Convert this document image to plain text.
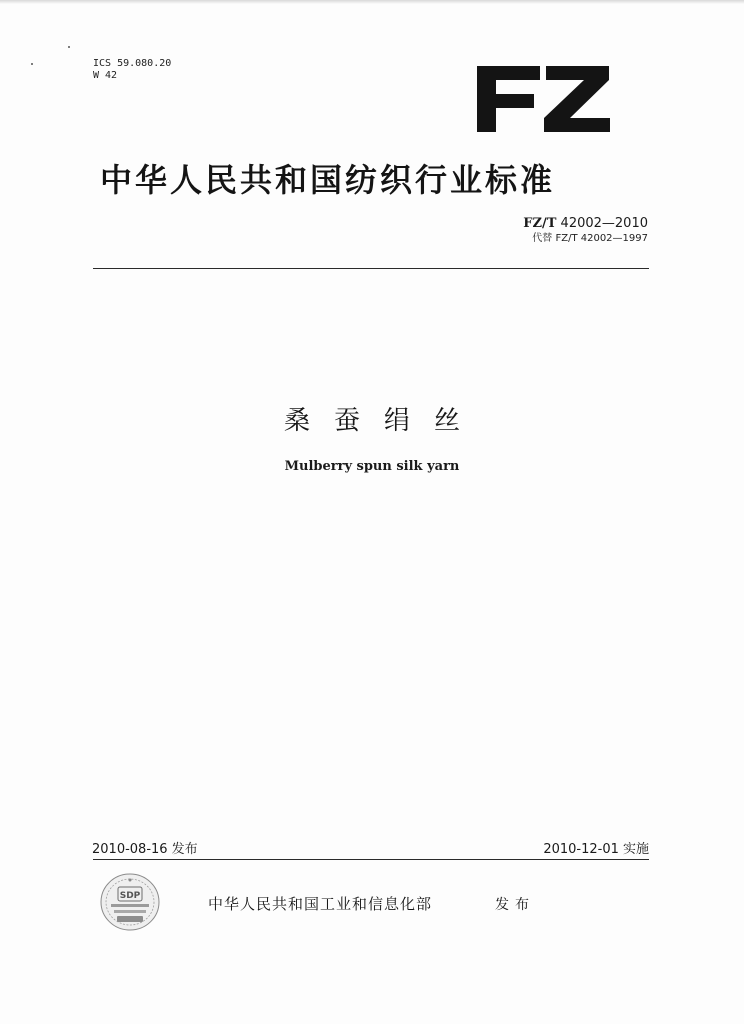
ICS 59.080.20
W 42
中华人民共和国纺织行业标准
FZ/T 42002—2010
代替 FZ/T 42002—1997
桑蚕绢丝
Mulberry spun silk yarn
2010-08-16 发布	2010-12-01 实施
SDP	中华人民共和国工业和信息化部	发布
